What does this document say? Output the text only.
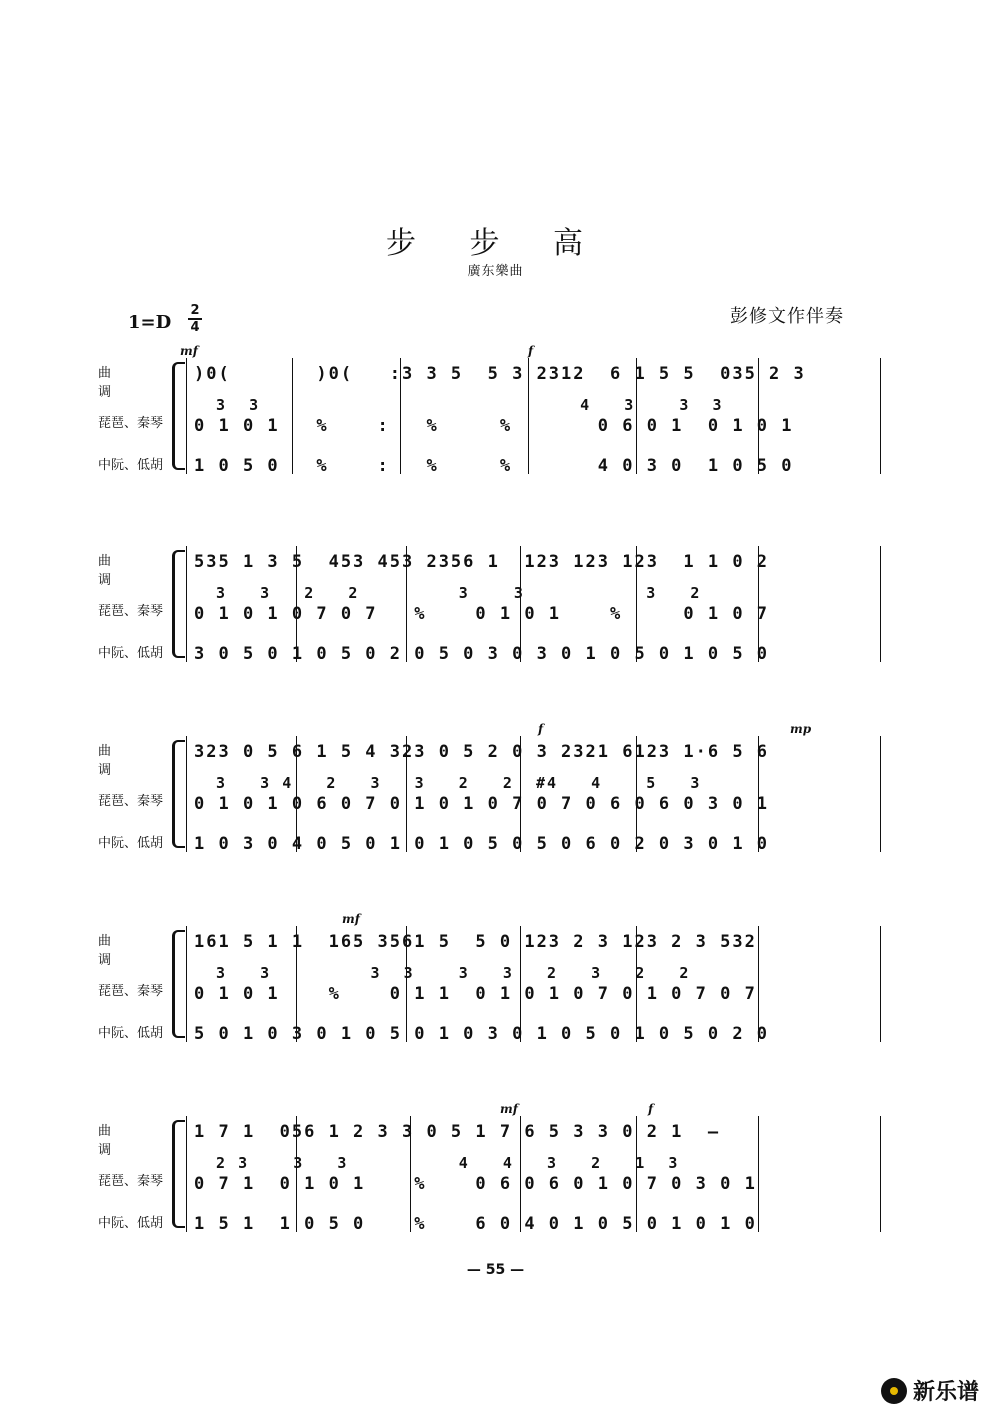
步 步 高
廣东樂曲
1=D
2
4
彭修文作伴奏
曲 调
琵琶、秦琴
中阮、低胡
)0(       )0(   :3 3 5  5 3 2312  6 1 5 5  035 2 3
3  3                             4   3    3  3
0 1 0 1   %    :   %     %       0 6 0 1  0 1 0 1
1 0 5 0   %    :   %     %       4 0 3 0  1 0 5 0
mf	f
曲 调
琵琶、秦琴
中阮、低胡
535 1 3 5  453 453 2356 1  123 123 123  1 1 0 2
3   3   2   2         3    3           3   2
0 1 0 1 0 7 0 7   %    0 1 0 1    %     0 1 0 7
3 0 5 0 1 0 5 0 2 0 5 0 3 0 3 0 1 0 5 0 1 0 5 0
曲 调
琵琶、秦琴
中阮、低胡
323 0 5 6 1 5 4 323 0 5 2 0 3 2321 6123 1·6 5 6
3   3 4   2   3   3   2   2  #4   4    5   3
0 1 0 1 0 6 0 7 0 1 0 1 0 7 0 7 0 6 0 6 0 3 0 1
1 0 3 0 4 0 5 0 1 0 1 0 5 0 5 0 6 0 2 0 3 0 1 0
f	mp
曲 调
琵琶、秦琴
中阮、低胡
161 5 1 1  165 3561 5  5 0 123 2 3 123 2 3 532
3   3         3  3    3   3   2   3   2   2
0 1 0 1    %    0 1 1  0 1 0 1 0 7 0 1 0 7 0 7
5 0 1 0 3 0 1 0 5 0 1 0 3 0 1 0 5 0 1 0 5 0 2 0
mf
曲 调
琵琶、秦琴
中阮、低胡
1 7 1  056 1 2 3 3 0 5 1 7 6 5 3 3 0 2 1  –
2 3    3   3          4   4   3   2   1  3
0 7 1  0 1 0 1    %    0 6 0 6 0 1 0 7 0 3 0 1
1 5 1  1 0 5 0    %    6 0 4 0 1 0 5 0 1 0 1 0
mf	f
— 55 —
新乐谱
